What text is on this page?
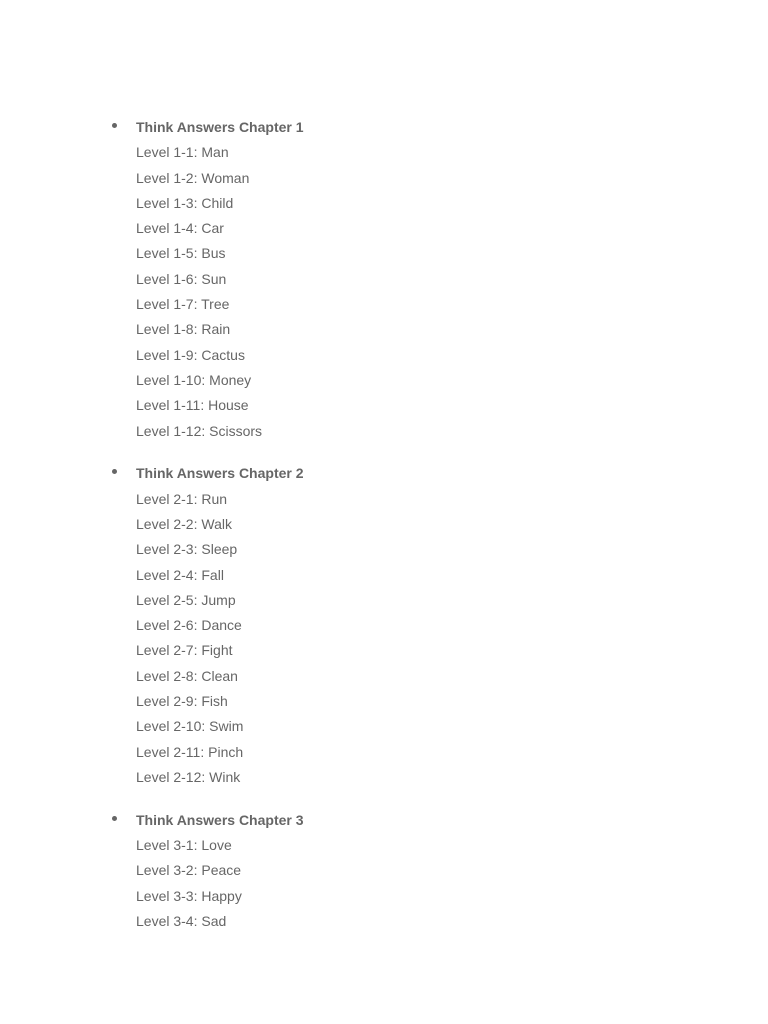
Think Answers Chapter 1
Level 1-1: Man
Level 1-2: Woman
Level 1-3: Child
Level 1-4: Car
Level 1-5: Bus
Level 1-6: Sun
Level 1-7: Tree
Level 1-8: Rain
Level 1-9: Cactus
Level 1-10: Money
Level 1-11: House
Level 1-12: Scissors
Think Answers Chapter 2
Level 2-1: Run
Level 2-2: Walk
Level 2-3: Sleep
Level 2-4: Fall
Level 2-5: Jump
Level 2-6: Dance
Level 2-7: Fight
Level 2-8: Clean
Level 2-9: Fish
Level 2-10: Swim
Level 2-11: Pinch
Level 2-12: Wink
Think Answers Chapter 3
Level 3-1: Love
Level 3-2: Peace
Level 3-3: Happy
Level 3-4: Sad
